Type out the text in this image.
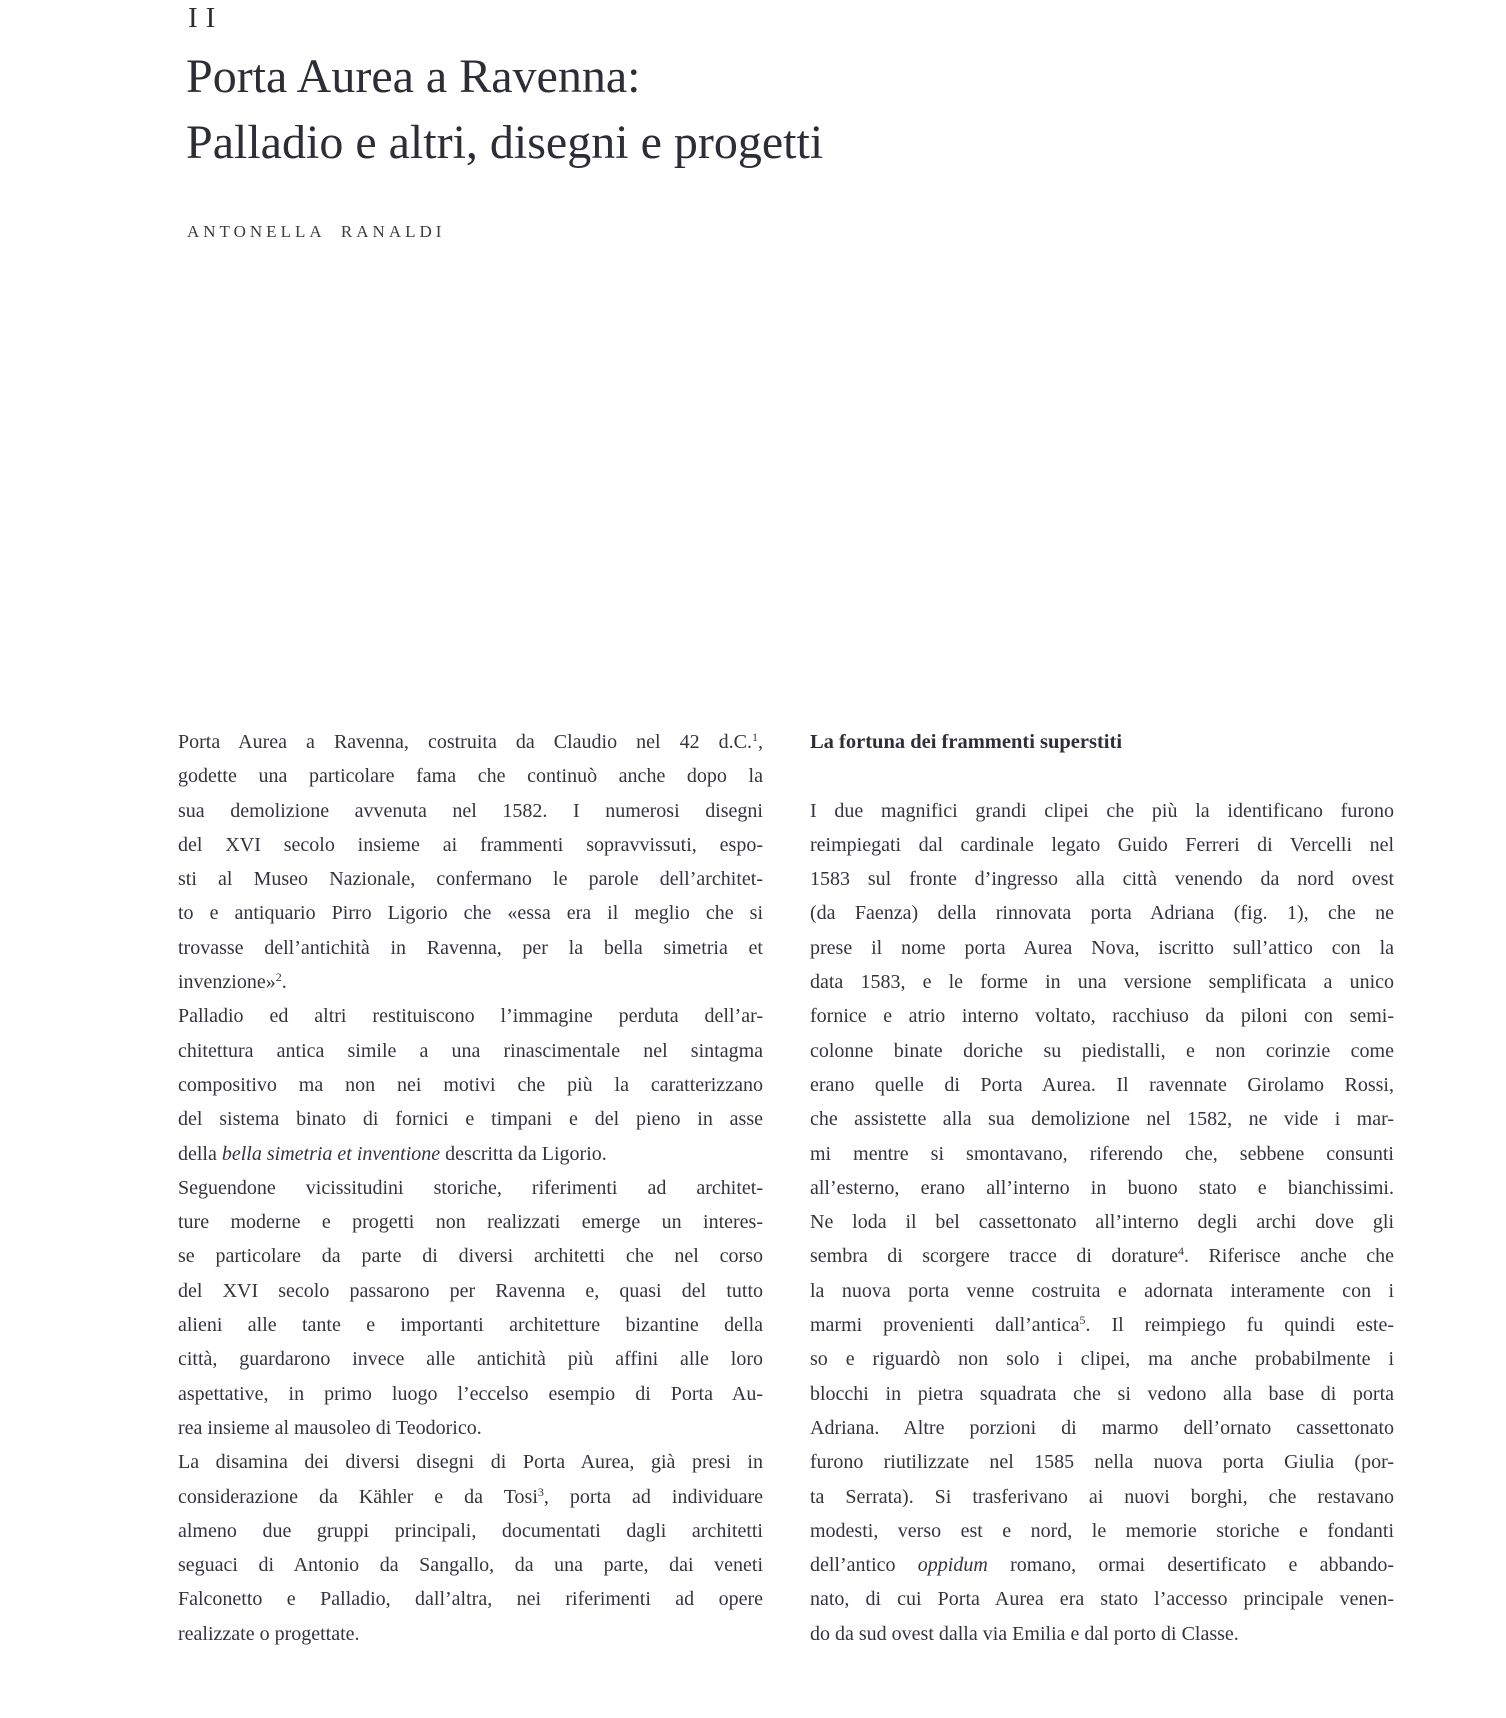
II
Porta Aurea a Ravenna:
Palladio e altri, disegni e progetti
ANTONELLA RANALDI
Porta Aurea a Ravenna, costruita da Claudio nel 42 d.C.$^1$,
godette una particolare fama che continuò anche dopo la
sua demolizione avvenuta nel 1582. I numerosi disegni
del XVI secolo insieme ai frammenti sopravvissuti, espo-
sti al Museo Nazionale, confermano le parole dell’architet-
to e antiquario Pirro Ligorio che «essa era il meglio che si
trovasse dell’antichità in Ravenna, per la bella simetria et
invenzione»$^2$.
Palladio ed altri restituiscono l’immagine perduta dell’ar-
chitettura antica simile a una rinascimentale nel sintagma
compositivo ma non nei motivi che più la caratterizzano
del sistema binato di fornici e timpani e del pieno in asse
della bella simetria et inventione descritta da Ligorio.
Seguendone vicissitudini storiche, riferimenti ad architet-
ture moderne e progetti non realizzati emerge un interes-
se particolare da parte di diversi architetti che nel corso
del XVI secolo passarono per Ravenna e, quasi del tutto
alieni alle tante e importanti architetture bizantine della
città, guardarono invece alle antichità più affini alle loro
aspettative, in primo luogo l’eccelso esempio di Porta Au-
rea insieme al mausoleo di Teodorico.
La disamina dei diversi disegni di Porta Aurea, già presi in
considerazione da Kähler e da Tosi$^3$, porta ad individuare
almeno due gruppi principali, documentati dagli architetti
seguaci di Antonio da Sangallo, da una parte, dai veneti
Falconetto e Palladio, dall’altra, nei riferimenti ad opere
realizzate o progettate.
La fortuna dei frammenti superstiti
I due magnifici grandi clipei che più la identificano furono
reimpiegati dal cardinale legato Guido Ferreri di Vercelli nel
1583 sul fronte d’ingresso alla città venendo da nord ovest
(da Faenza) della rinnovata porta Adriana (fig. 1), che ne
prese il nome porta Aurea Nova, iscritto sull’attico con la
data 1583, e le forme in una versione semplificata a unico
fornice e atrio interno voltato, racchiuso da piloni con semi-
colonne binate doriche su piedistalli, e non corinzie come
erano quelle di Porta Aurea. Il ravennate Girolamo Rossi,
che assistette alla sua demolizione nel 1582, ne vide i mar-
mi mentre si smontavano, riferendo che, sebbene consunti
all’esterno, erano all’interno in buono stato e bianchissimi.
Ne loda il bel cassettonato all’interno degli archi dove gli
sembra di scorgere tracce di dorature$^4$. Riferisce anche che
la nuova porta venne costruita e adornata interamente con i
marmi provenienti dall’antica$^5$. Il reimpiego fu quindi este-
so e riguardò non solo i clipei, ma anche probabilmente i
blocchi in pietra squadrata che si vedono alla base di porta
Adriana. Altre porzioni di marmo dell’ornato cassettonato
furono riutilizzate nel 1585 nella nuova porta Giulia (por-
ta Serrata). Si trasferivano ai nuovi borghi, che restavano
modesti, verso est e nord, le memorie storiche e fondanti
dell’antico oppidum romano, ormai desertificato e abbando-
nato, di cui Porta Aurea era stato l’accesso principale venen-
do da sud ovest dalla via Emilia e dal porto di Classe.
